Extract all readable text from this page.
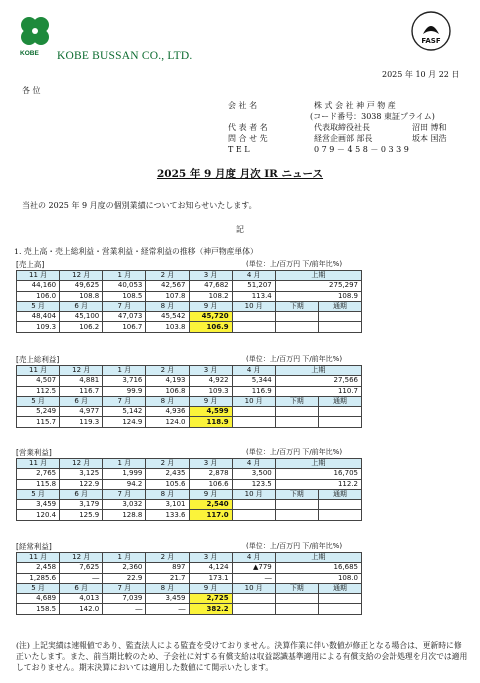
KOBE KOBE BUSSAN CO., LTD.
FASF
2025 年 10 月 22 日
各 位
会 社 名	株 式 会 社 神 戸 物 産
(コード番号：3038 東証プライム)
代 表 者 名	代表取締役社長	沼田 博和
問 合 せ 先	経営企画部 部長	坂本 国浩
T E L	0 7 9 － 4 5 8 － 0 3 3 9
2025 年 9 月度 月次 IR ニュース
当社の 2025 年 9 月度の個別業績についてお知らせいたします。
記
1. 売上高・売上総利益・営業利益・経常利益の推移（神戸物産単体）
[売上高]	(単位：上/百万円 下/前年比%)
11 月	12 月	1 月	2 月	3 月	4 月	上期	
44,160	49,625	40,053	42,567	47,682	51,207	275,297	
106.0	108.8	108.5	107.8	108.2	113.4	108.9	
5 月	6 月	7 月	8 月	9 月	10 月	下期	通期
48,404	45,100	47,073	45,542	45,720			
109.3	106.2	106.7	103.8	106.9			
[売上総利益]	(単位：上/百万円 下/前年比%)
11 月	12 月	1 月	2 月	3 月	4 月	上期	
4,507	4,881	3,716	4,193	4,922	5,344	27,566	
112.5	116.7	99.9	106.8	109.3	116.9	110.7	
5 月	6 月	7 月	8 月	9 月	10 月	下期	通期
5,249	4,977	5,142	4,936	4,599			
115.7	119.3	124.9	124.0	118.9			
[営業利益]	(単位：上/百万円 下/前年比%)
11 月	12 月	1 月	2 月	3 月	4 月	上期	
2,765	3,125	1,999	2,435	2,878	3,500	16,705	
115.8	122.9	94.2	105.6	106.6	123.5	112.2	
5 月	6 月	7 月	8 月	9 月	10 月	下期	通期
3,459	3,179	3,032	3,101	2,540			
120.4	125.9	128.8	133.6	117.0			
[経常利益]	(単位：上/百万円 下/前年比%)
11 月	12 月	1 月	2 月	3 月	4 月	上期	
2,458	7,625	2,360	897	4,124	▲779	16,685	
1,285.6	―	22.9	21.7	173.1	―	108.0	
5 月	6 月	7 月	8 月	9 月	10 月	下期	通期
4,689	4,013	7,039	3,459	2,725			
158.5	142.0	―	―	382.2			
(注) 上記実績は速報値であり、監査法人による監査を受けておりません。決算作業に伴い数値が修正となる場合は、更新時に修正いたします。また、前当期比較のため、子会社に対する有償支給は収益認識基準適用による有償支給の会計処理を月次では適用しておりません。期末決算においては適用した数値にて開示いたします。
